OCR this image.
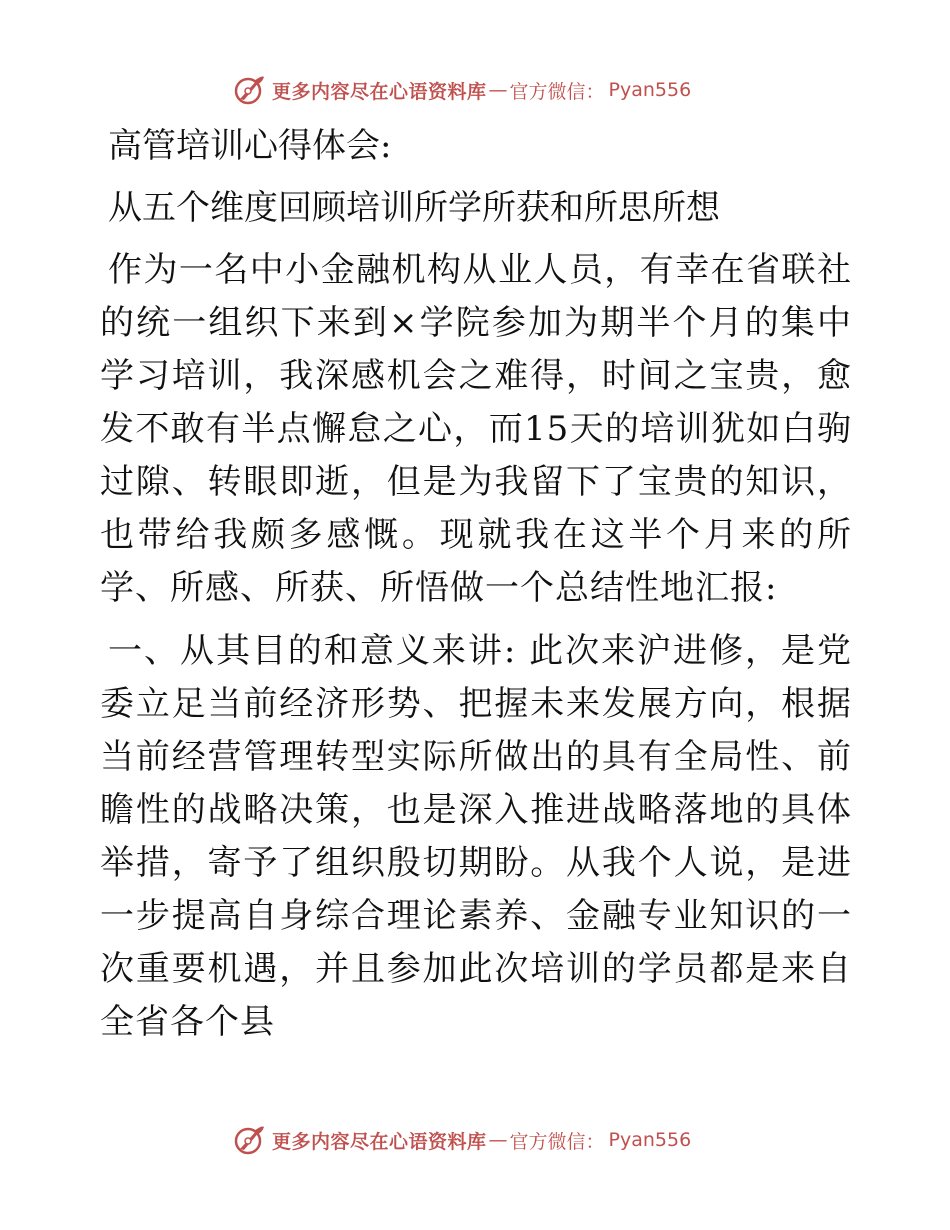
更多内容尽在心语资料库 — 官方微信： Pyan556
高管培训心得体会:
从五个维度回顾培训所学所获和所思所想

作为一名中小金融机构从业人员，有幸在省联社的统一组织下来到×学院参加为期半个月的集中学习培训，我深感机会之难得，时间之宝贵，愈发不敢有半点懈怠之心，而15天的培训犹如白驹过隙、转眼即逝，但是为我留下了宝贵的知识，也带给我颇多感慨。现就我在这半个月来的所学、所感、所获、所悟做一个总结性地汇报:

一、从其目的和意义来讲: 此次来沪进修，是党委立足当前经济形势、把握未来发展方向，根据当前经营管理转型实际所做出的具有全局性、前瞻性的战略决策，也是深入推进战略落地的具体举措，寄予了组织殷切期盼。从我个人说，是进一步提高自身综合理论素养、金融专业知识的一次重要机遇，并且参加此次培训的学员都是来自全省各个县

更多内容尽在心语资料库 — 官方微信： Pyan556
